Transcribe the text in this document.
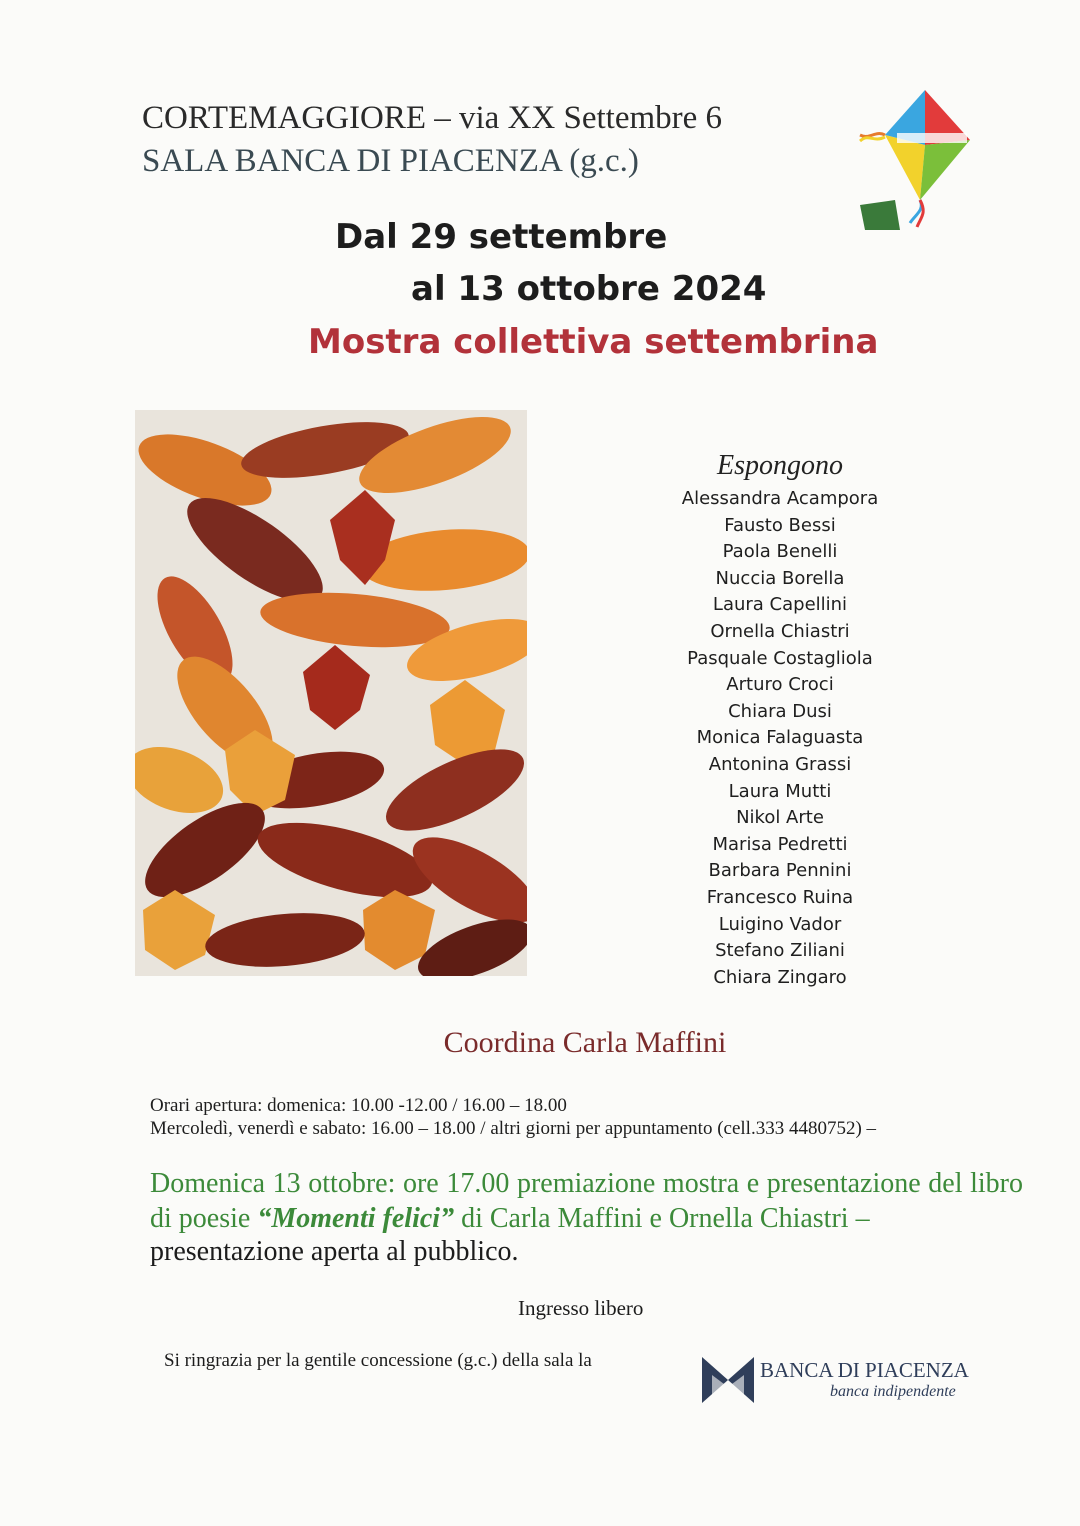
CORTEMAGGIORE – via XX Settembre 6
SALA BANCA DI PIACENZA (g.c.)
Dal 29 settembre
al 13 ottobre 2024
Mostra collettiva settembrina
Espongono
Alessandra Acampora
Fausto Bessi
Paola Benelli
Nuccia Borella
Laura Capellini
Ornella Chiastri
Pasquale Costagliola
Arturo Croci
Chiara Dusi
Monica Falaguasta
Antonina Grassi
Laura Mutti
Nikol Arte
Marisa Pedretti
Barbara Pennini
Francesco Ruina
Luigino Vador
Stefano Ziliani
Chiara Zingaro
Coordina Carla Maffini
Orari apertura: domenica: 10.00 -12.00 / 16.00 – 18.00
Mercoledì, venerdì e sabato: 16.00 – 18.00 / altri giorni per appuntamento (cell.333 4480752) –
Domenica 13 ottobre: ore 17.00 premiazione mostra e presentazione del libro di poesie “Momenti felici” di Carla Maffini e Ornella Chiastri –
presentazione aperta al pubblico.
Ingresso libero
Si ringrazia per la gentile concessione (g.c.) della sala la	BANCA DI PIACENZA
banca indipendente
